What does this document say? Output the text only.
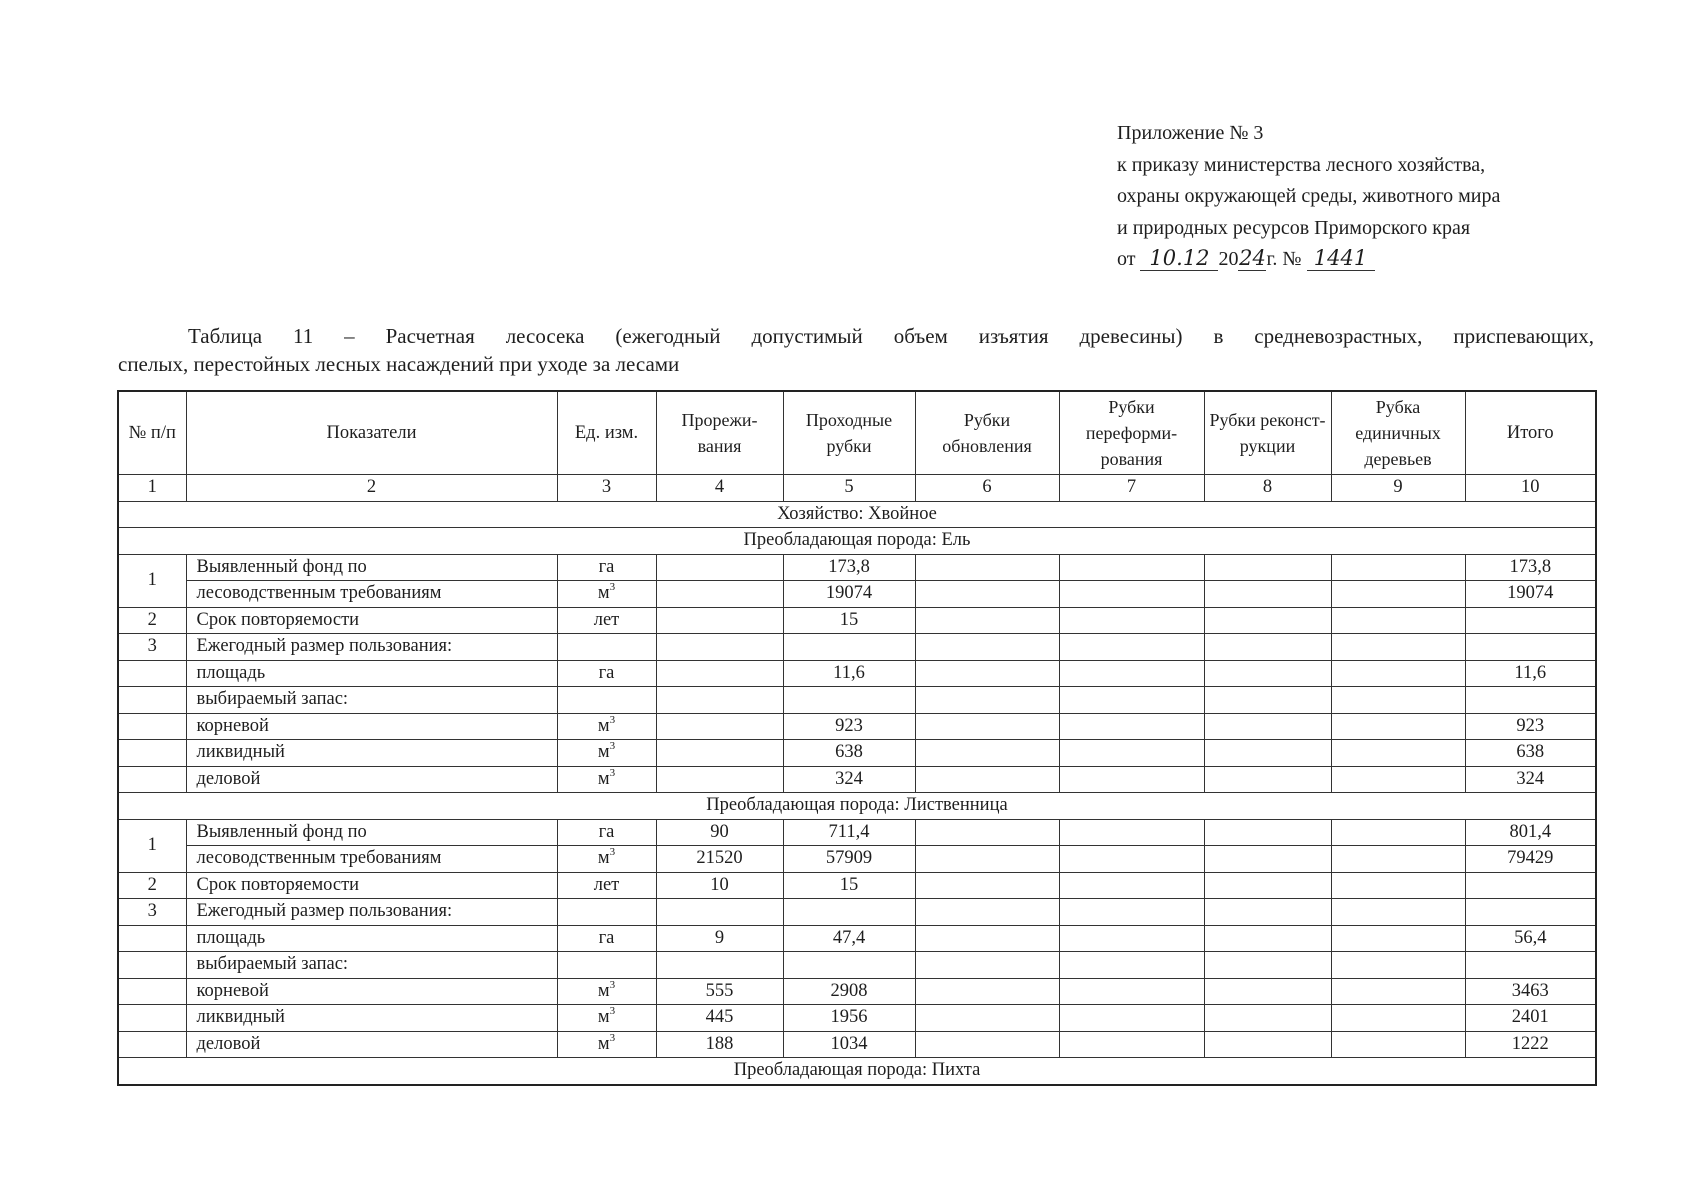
Приложение № 3
к приказу министерства лесного хозяйства,
охраны окружающей среды, животного мира
и природных ресурсов Приморского края
от 10.12 2024г. № 1441
Таблица 11 – Расчетная лесосека (ежегодный допустимый объем изъятия древесины) в средневозрастных, приспевающих,
спелых, перестойных лесных насаждений при уходе за лесами
№ п/п	Показатели	Ед. изм.	Прорежи-вания	Проходные рубки	Рубки обновления	Рубки переформи-рования	Рубки реконст-рукции	Рубка единичных деревьев	Итого
1	2	3	4	5	6	7	8	9	10
Хозяйство: Хвойное									
Преобладающая порода: Ель									
1	Выявленный фонд по	га		173,8					173,8
	лесоводственным требованиям	$м^3$		19074					19074
2	Срок повторяемости	лет		15					
3	Ежегодный размер пользования:								
	площадь	га		11,6					11,6
	выбираемый запас:								
	корневой	$м^3$		923					923
	ликвидный	$м^3$		638					638
	деловой	$м^3$		324					324
Преобладающая порода: Лиственница									
1	Выявленный фонд по	га	90	711,4					801,4
	лесоводственным требованиям	$м^3$	21520	57909					79429
2	Срок повторяемости	лет	10	15					
3	Ежегодный размер пользования:								
	площадь	га	9	47,4					56,4
	выбираемый запас:								
	корневой	$м^3$	555	2908					3463
	ликвидный	$м^3$	445	1956					2401
	деловой	$м^3$	188	1034					1222
Преобладающая порода: Пихта									
